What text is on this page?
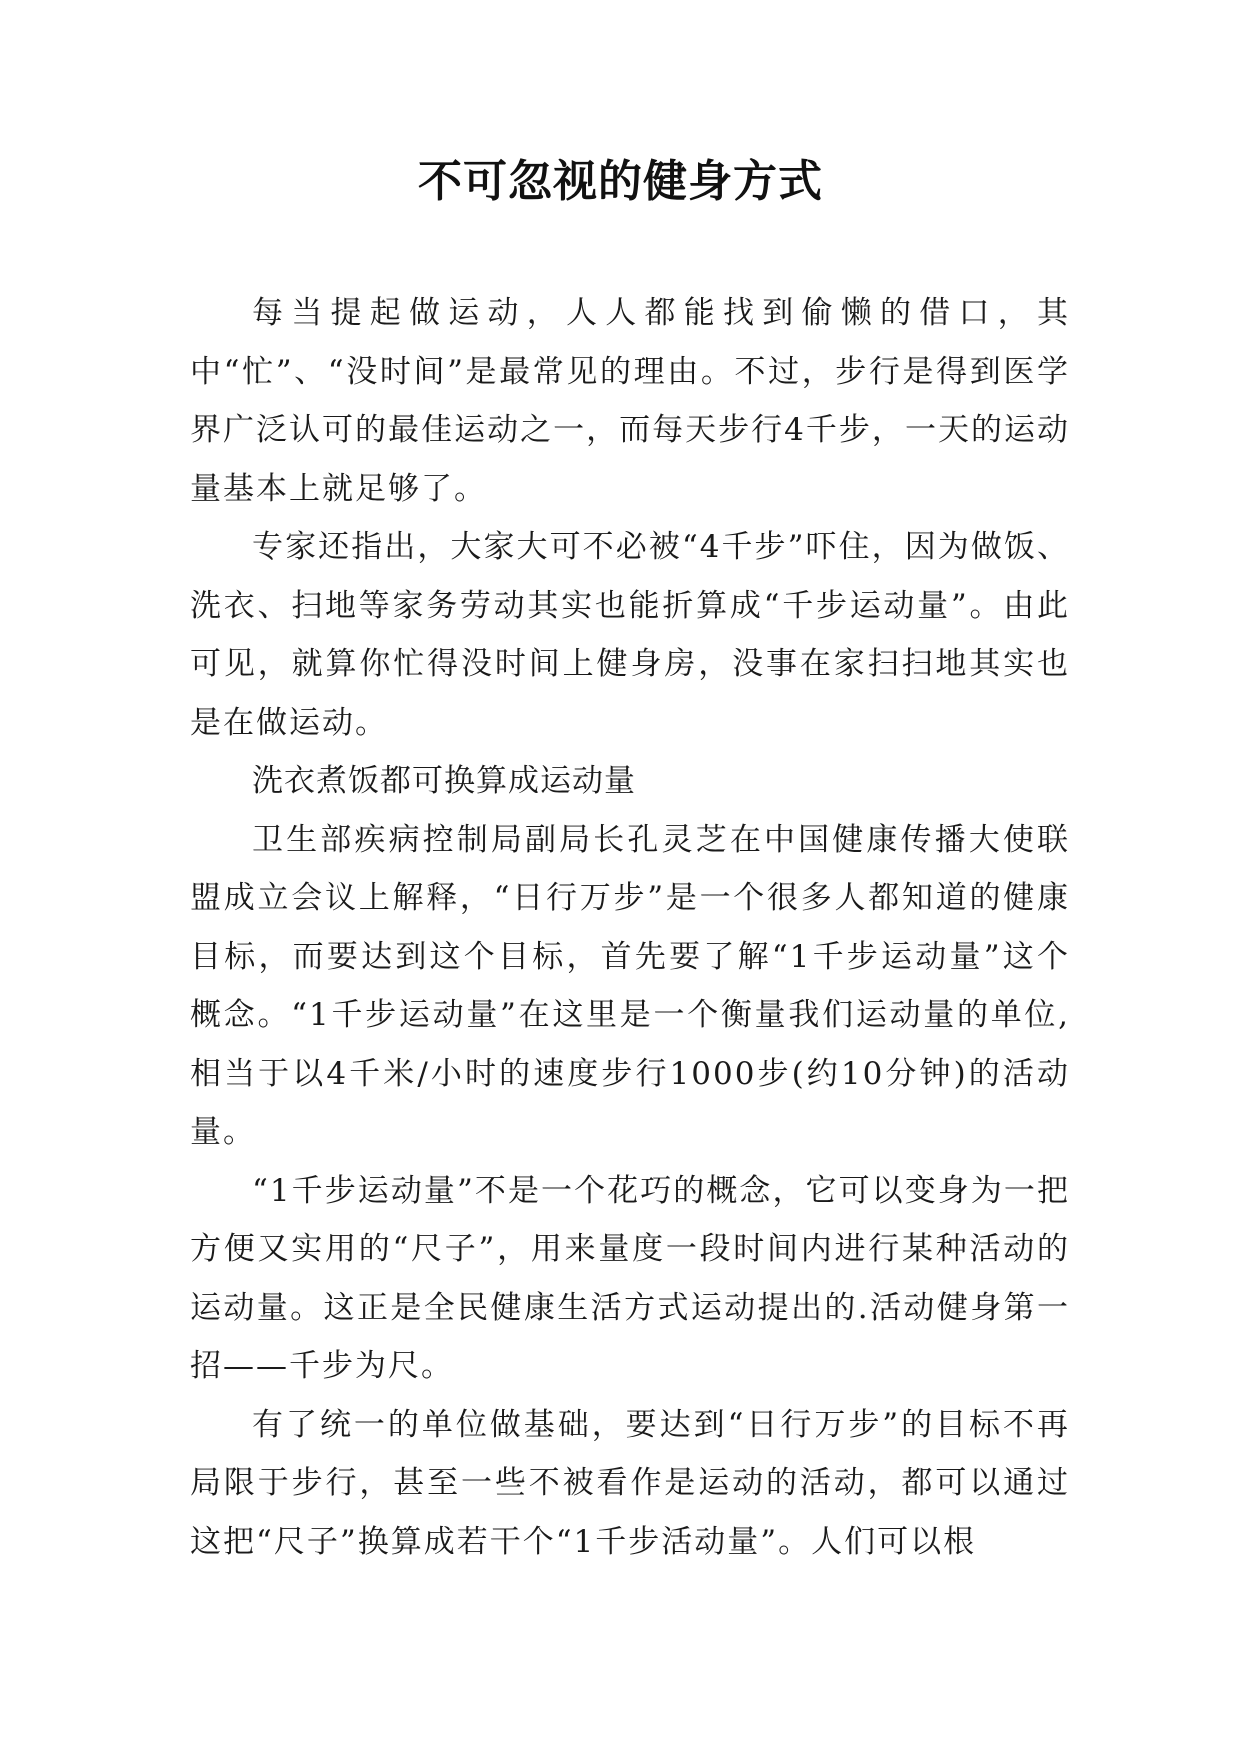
不可忽视的健身方式

每当提起做运动，人人都能找到偷懒的借口，其中“忙”、“没时间”是最常见的理由。不过，步行是得到医学界广泛认可的最佳运动之一，而每天步行4千步，一天的运动量基本上就足够了。

专家还指出，大家大可不必被“4千步”吓住，因为做饭、洗衣、扫地等家务劳动其实也能折算成“千步运动量”。由此可见，就算你忙得没时间上健身房，没事在家扫扫地其实也是在做运动。

洗衣煮饭都可换算成运动量

卫生部疾病控制局副局长孔灵芝在中国健康传播大使联盟成立会议上解释，“日行万步”是一个很多人都知道的健康目标，而要达到这个目标，首先要了解“1千步运动量”这个概念。“1千步运动量”在这里是一个衡量我们运动量的单位,相当于以4千米/小时的速度步行1000步(约10分钟)的活动量。

“1千步运动量”不是一个花巧的概念，它可以变身为一把方便又实用的“尺子”，用来量度一段时间内进行某种活动的运动量。这正是全民健康生活方式运动提出的.活动健身第一招——千步为尺。

有了统一的单位做基础，要达到“日行万步”的目标不再局限于步行，甚至一些不被看作是运动的活动，都可以通过这把“尺子”换算成若干个“1千步活动量”。人们可以根
